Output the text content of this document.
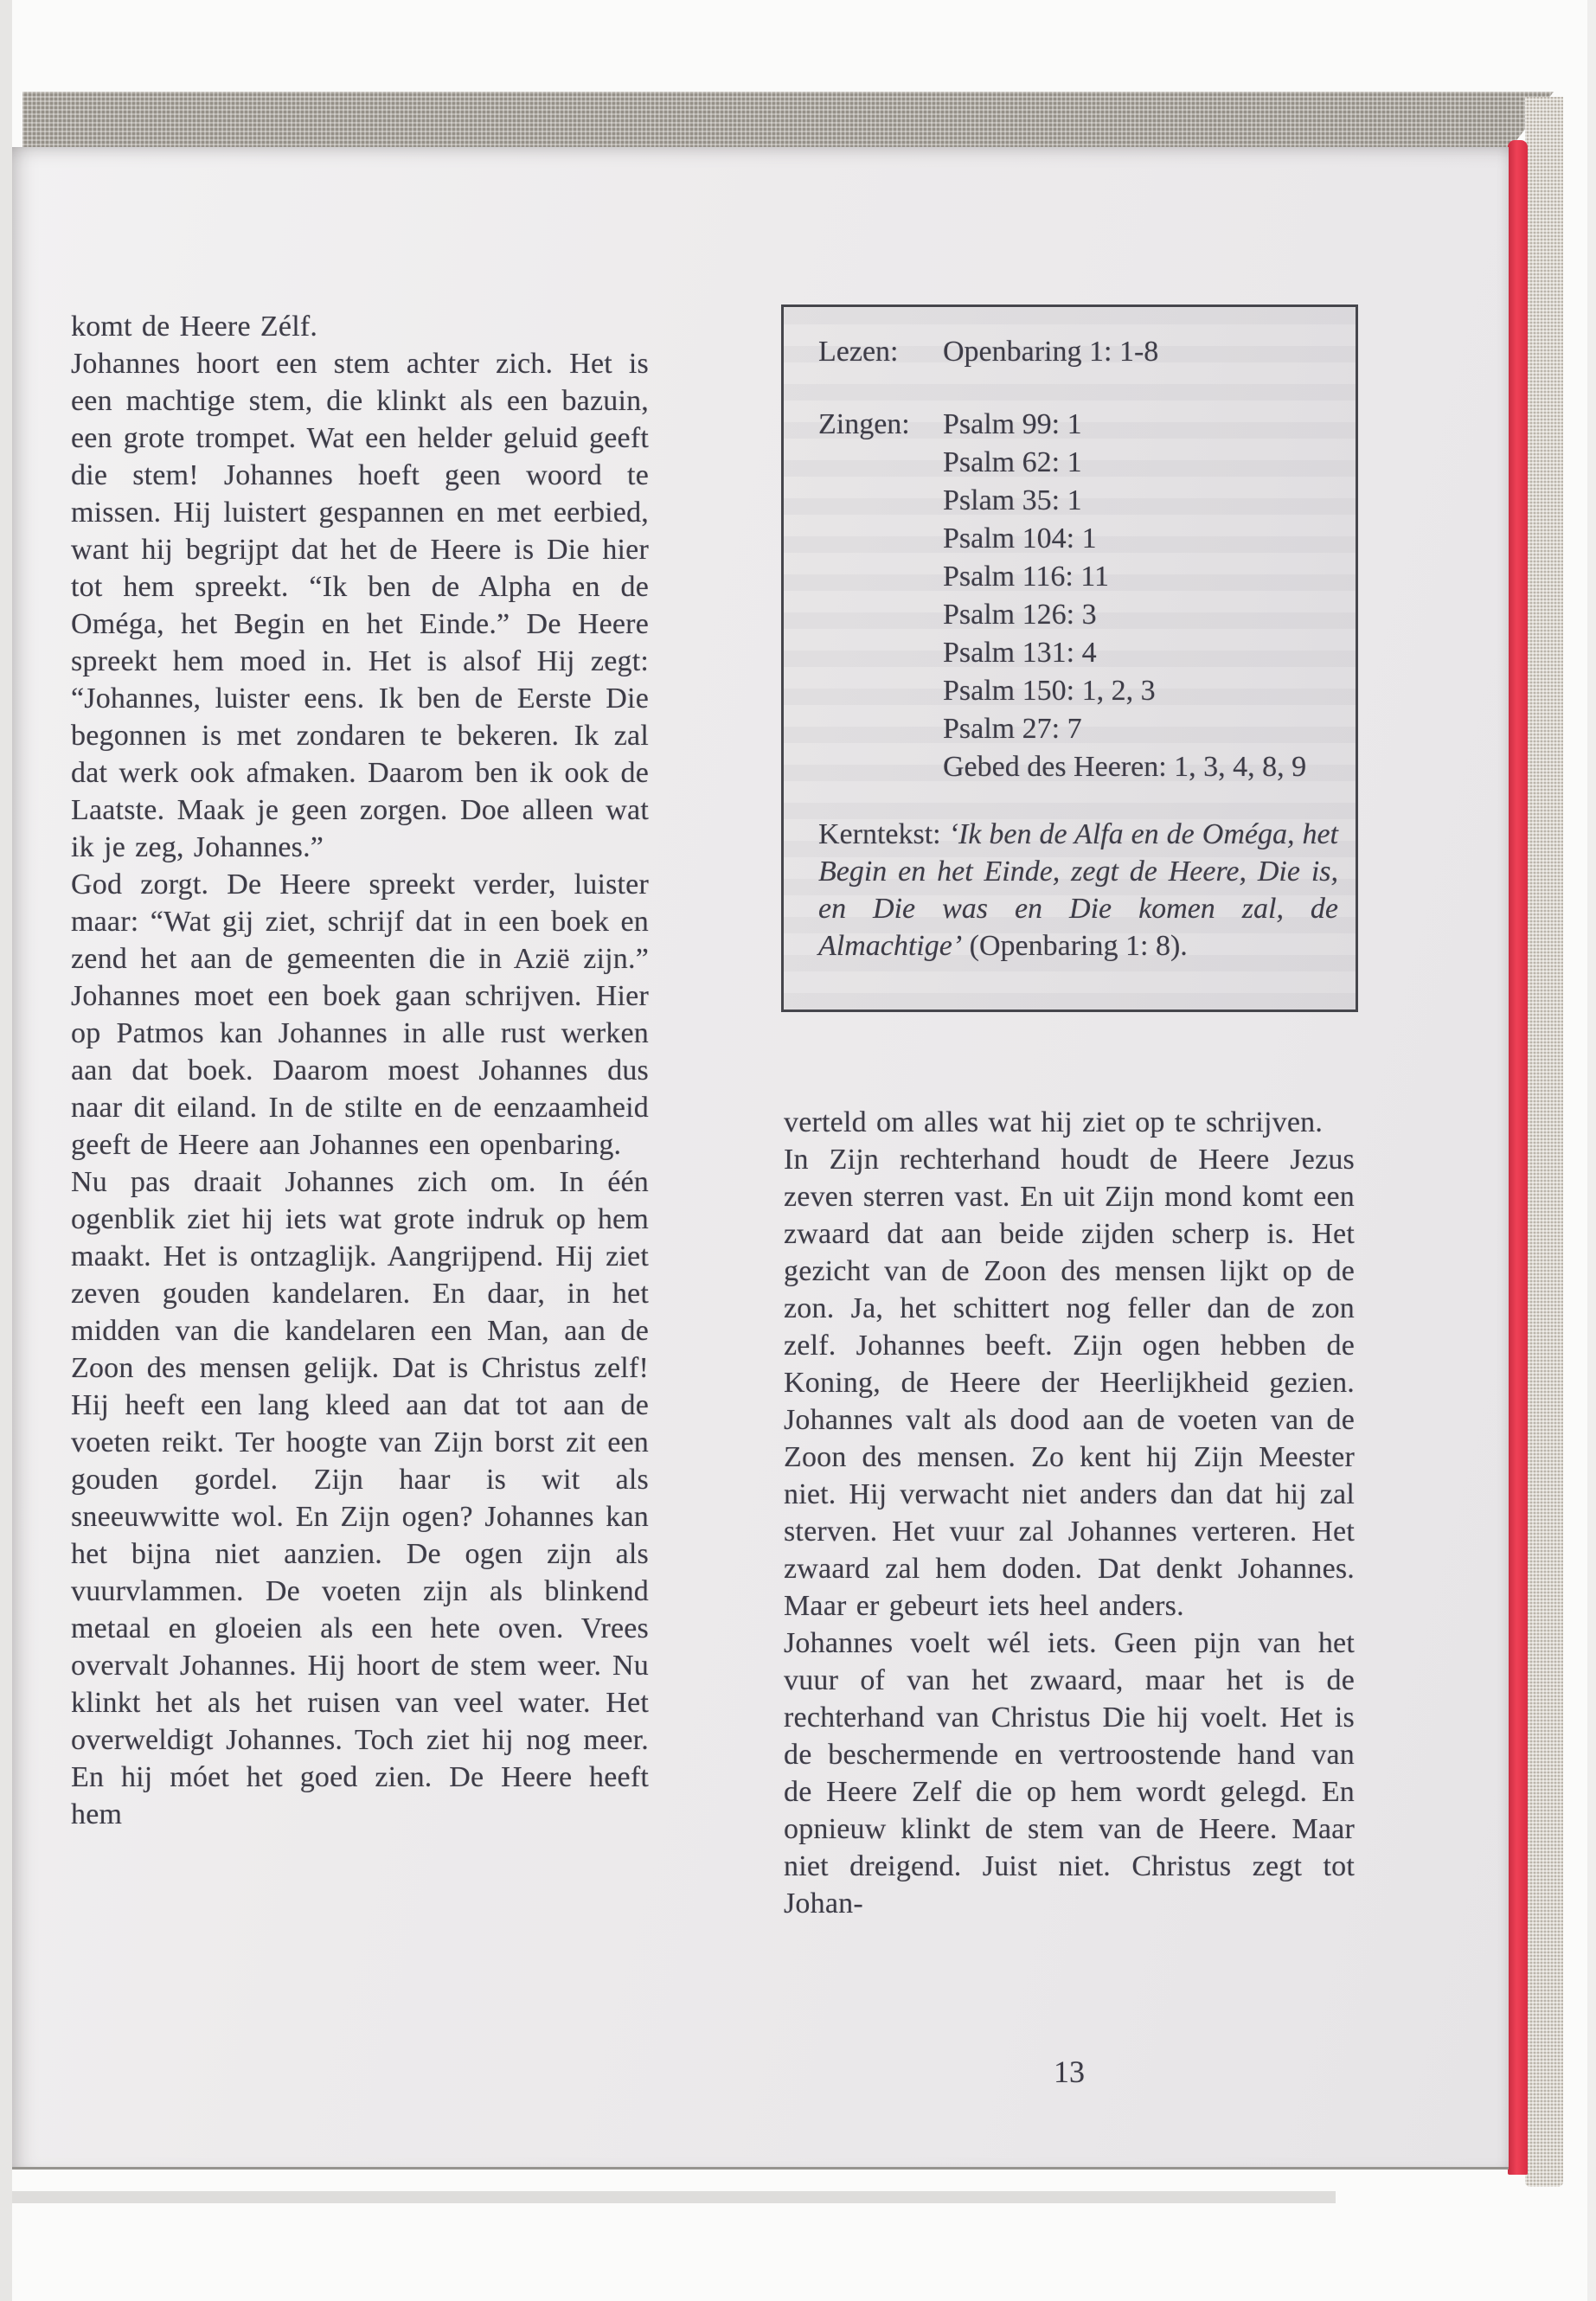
komt de Heere Zélf.

Johannes hoort een stem achter zich. Het is een machtige stem, die klinkt als een bazuin, een grote trompet. Wat een helder geluid geeft die stem! Johannes hoeft geen woord te missen. Hij luistert gespannen en met eerbied, want hij begrijpt dat het de Heere is Die hier tot hem spreekt. “Ik ben de Alpha en de Oméga, het Begin en het Einde.” De Heere spreekt hem moed in. Het is alsof Hij zegt: “Johannes, luister eens. Ik ben de Eerste Die begonnen is met zondaren te bekeren. Ik zal dat werk ook afmaken. Daarom ben ik ook de Laatste. Maak je geen zorgen. Doe alleen wat ik je zeg, Johannes.”

God zorgt. De Heere spreekt verder, luister maar: “Wat gij ziet, schrijf dat in een boek en zend het aan de gemeenten die in Azië zijn.” Johannes moet een boek gaan schrijven. Hier op Patmos kan Johannes in alle rust werken aan dat boek. Daarom moest Johannes dus naar dit eiland. In de stilte en de eenzaamheid geeft de Heere aan Johannes een openbaring.

Nu pas draait Johannes zich om. In één ogenblik ziet hij iets wat grote indruk op hem maakt. Het is ontzaglijk. Aangrijpend. Hij ziet zeven gouden kandelaren. En daar, in het midden van die kandelaren een Man, aan de Zoon des mensen gelijk. Dat is Christus zelf! Hij heeft een lang kleed aan dat tot aan de voeten reikt. Ter hoogte van Zijn borst zit een gouden gordel. Zijn haar is wit als sneeuwwitte wol. En Zijn ogen? Johannes kan het bijna niet aanzien. De ogen zijn als vuurvlammen. De voeten zijn als blinkend metaal en gloeien als een hete oven. Vrees overvalt Johannes. Hij hoort de stem weer. Nu klinkt het als het ruisen van veel water. Het overweldigt Johannes. Toch ziet hij nog meer. En hij móet het goed zien. De Heere heeft hem

Lezen:	Openbaring 1: 1-8
Zingen:	Psalm 99: 1
Psalm 62: 1
Pslam 35: 1
Psalm 104: 1
Psalm 116: 11
Psalm 126: 3
Psalm 131: 4
Psalm 150: 1, 2, 3
Psalm 27: 7
Gebed des Heeren: 1, 3, 4, 8, 9

Kerntekst: ‘Ik ben de Alfa en de Oméga, het Begin en het Einde, zegt de Heere, Die is, en Die was en Die komen zal, de Almachtige’ (Openbaring 1: 8).

verteld om alles wat hij ziet op te schrijven.

In Zijn rechterhand houdt de Heere Jezus zeven sterren vast. En uit Zijn mond komt een zwaard dat aan beide zijden scherp is. Het gezicht van de Zoon des mensen lijkt op de zon. Ja, het schittert nog feller dan de zon zelf. Johannes beeft. Zijn ogen hebben de Koning, de Heere der Heerlijkheid gezien. Johannes valt als dood aan de voeten van de Zoon des mensen. Zo kent hij Zijn Meester niet. Hij verwacht niet anders dan dat hij zal sterven. Het vuur zal Johannes verteren. Het zwaard zal hem doden. Dat denkt Johannes. Maar er gebeurt iets heel anders.

Johannes voelt wél iets. Geen pijn van het vuur of van het zwaard, maar het is de rechterhand van Christus Die hij voelt. Het is de beschermende en vertroostende hand van de Heere Zelf die op hem wordt gelegd. En opnieuw klinkt de stem van de Heere. Maar niet dreigend. Juist niet. Christus zegt tot Johan-

13
